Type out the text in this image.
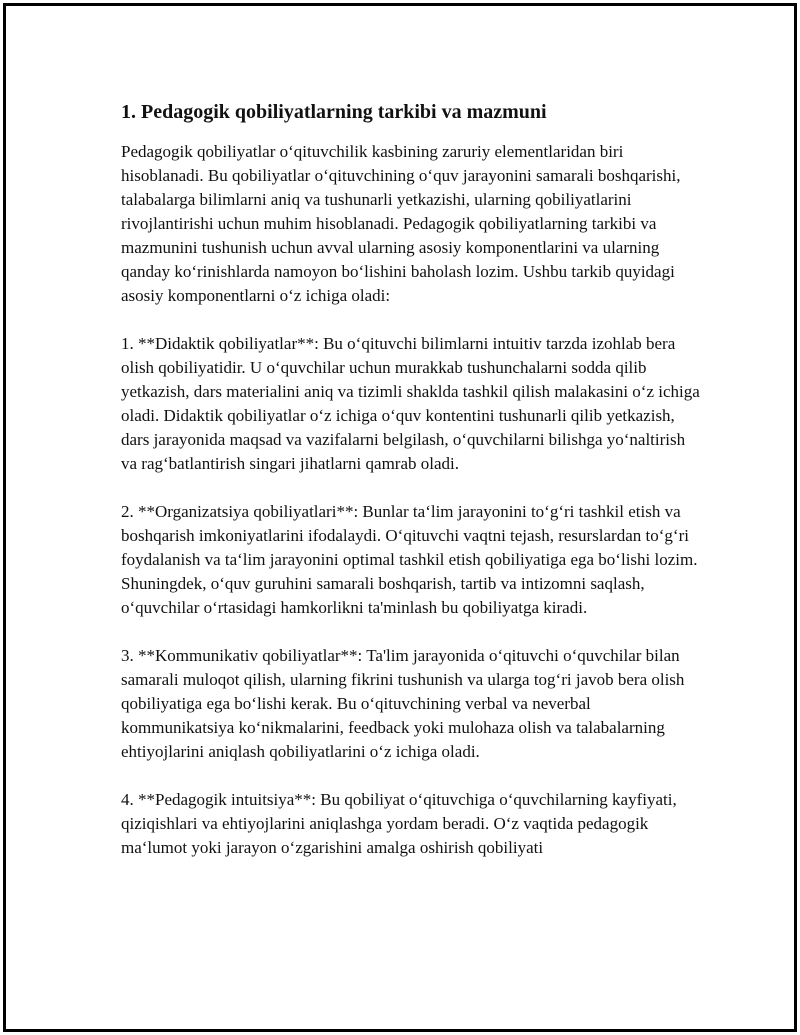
1. Pedagogik qobiliyatlarning tarkibi va mazmuni

Pedagogik qobiliyatlar oʻqituvchilik kasbining zaruriy elementlaridan biri hisoblanadi. Bu qobiliyatlar oʻqituvchining oʻquv jarayonini samarali boshqarishi, talabalarga bilimlarni aniq va tushunarli yetkazishi, ularning qobiliyatlarini rivojlantirishi uchun muhim hisoblanadi. Pedagogik qobiliyatlarning tarkibi va mazmunini tushunish uchun avval ularning asosiy komponentlarini va ularning qanday koʻrinishlarda namoyon boʻlishini baholash lozim. Ushbu tarkib quyidagi asosiy komponentlarni oʻz ichiga oladi:

1. **Didaktik qobiliyatlar**: Bu oʻqituvchi bilimlarni intuitiv tarzda izohlab bera olish qobiliyatidir. U oʻquvchilar uchun murakkab tushunchalarni sodda qilib yetkazish, dars materialini aniq va tizimli shaklda tashkil qilish malakasini oʻz ichiga oladi. Didaktik qobiliyatlar oʻz ichiga oʻquv kontentini tushunarli qilib yetkazish, dars jarayonida maqsad va vazifalarni belgilash, oʻquvchilarni bilishga yoʻnaltirish va ragʻbatlantirish singari jihatlarni qamrab oladi.

2. **Organizatsiya qobiliyatlari**: Bunlar taʻlim jarayonini toʻgʻri tashkil etish va boshqarish imkoniyatlarini ifodalaydi. Oʻqituvchi vaqtni tejash, resurslardan toʻgʻri foydalanish va taʻlim jarayonini optimal tashkil etish qobiliyatiga ega boʻlishi lozim. Shuningdek, oʻquv guruhini samarali boshqarish, tartib va intizomni saqlash, oʻquvchilar oʻrtasidagi hamkorlikni ta'minlash bu qobiliyatga kiradi.

3. **Kommunikativ qobiliyatlar**: Ta'lim jarayonida oʻqituvchi oʻquvchilar bilan samarali muloqot qilish, ularning fikrini tushunish va ularga togʻri javob bera olish qobiliyatiga ega boʻlishi kerak. Bu oʻqituvchining verbal va neverbal kommunikatsiya koʻnikmalarini, feedback yoki mulohaza olish va talabalarning ehtiyojlarini aniqlash qobiliyatlarini oʻz ichiga oladi.

4. **Pedagogik intuitsiya**: Bu qobiliyat oʻqituvchiga oʻquvchilarning kayfiyati, qiziqishlari va ehtiyojlarini aniqlashga yordam beradi. Oʻz vaqtida pedagogik maʻlumot yoki jarayon oʻzgarishini amalga oshirish qobiliyati
